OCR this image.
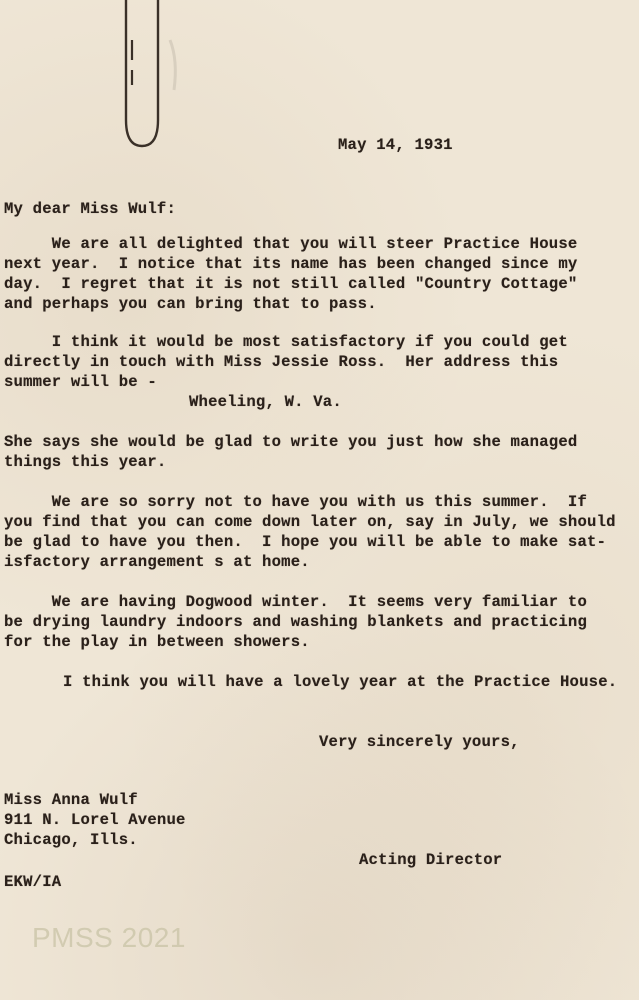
May 14, 1931
My dear Miss Wulf:
We are all delighted that you will steer Practice House
next year.  I notice that its name has been changed since my
day.  I regret that it is not still called "Country Cottage"
and perhaps you can bring that to pass.
I think it would be most satisfactory if you could get
directly in touch with Miss Jessie Ross.  Her address this
summer will be -
Wheeling, W. Va.
She says she would be glad to write you just how she managed
things this year.
We are so sorry not to have you with us this summer.  If
you find that you can come down later on, say in July, we should
be glad to have you then.  I hope you will be able to make sat-
isfactory arrangement s at home.
We are having Dogwood winter.  It seems very familiar to
be drying laundry indoors and washing blankets and practicing
for the play in between showers.
I think you will have a lovely year at the Practice House.
Very sincerely yours,
Miss Anna Wulf
911 N. Lorel Avenue
Chicago, Ills.
Acting Director
EKW/IA
PMSS 2021
